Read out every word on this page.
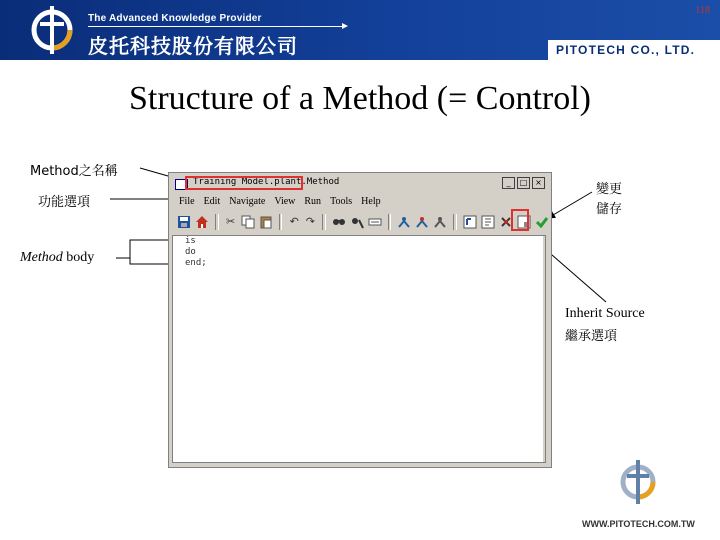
The Advanced Knowledge Provider
皮托科技股份有限公司
118
PITOTECH CO., LTD.
Structure of a Method (= Control)
Method之名稱
功能選項
Method body
變更
儲存
Inherit Source
繼承選項
Training Model.plant.Method	_	□ ×
File Edit Navigate View Run Tools Help
✂	↶ ↷
is
do
end;
WWW.PITOTECH.COM.TW
